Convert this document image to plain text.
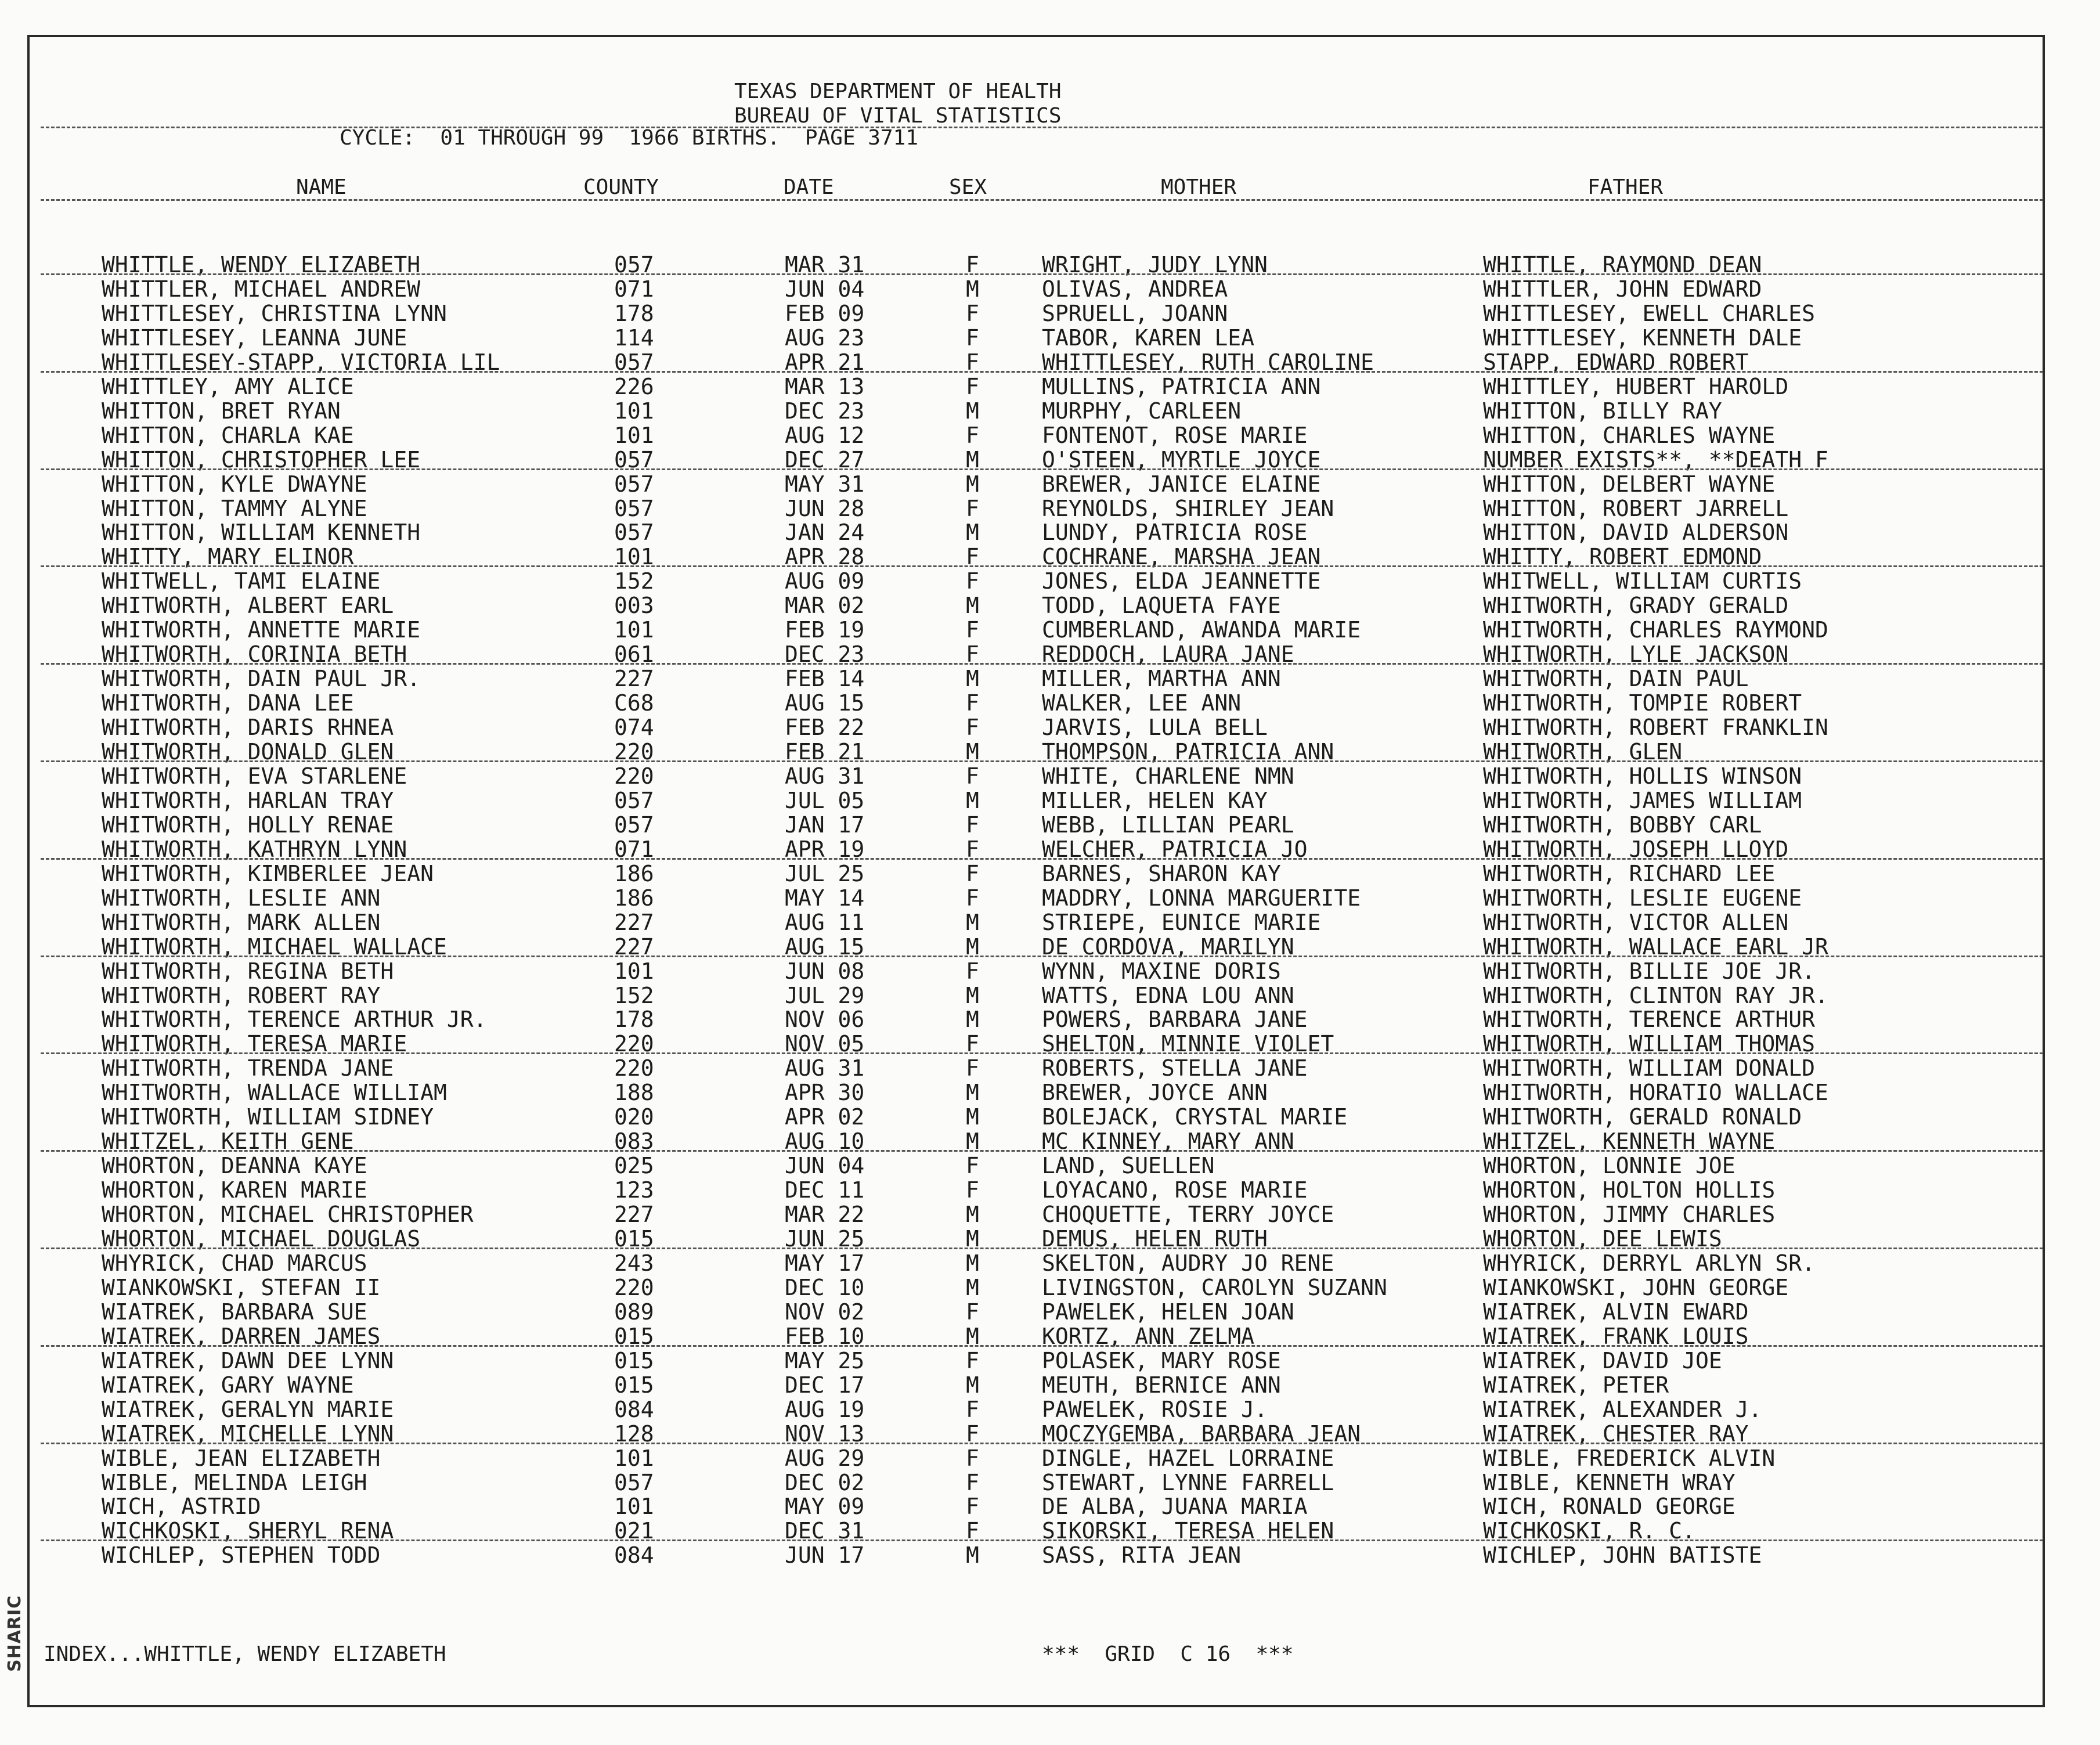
SHARIC
TEXAS DEPARTMENT OF HEALTH
BUREAU OF VITAL STATISTICS
CYCLE:  01 THROUGH 99  1966 BIRTHS.  PAGE 3711
NAME	COUNTY	DATE	SEX	MOTHER	FATHER
WHITTLE, WENDY ELIZABETH	057	MAR 31	F	WRIGHT, JUDY LYNN	WHITTLE, RAYMOND DEAN
WHITTLER, MICHAEL ANDREW	071	JUN 04	M	OLIVAS, ANDREA	WHITTLER, JOHN EDWARD
WHITTLESEY, CHRISTINA LYNN	178	FEB 09	F	SPRUELL, JOANN	WHITTLESEY, EWELL CHARLES
WHITTLESEY, LEANNA JUNE	114	AUG 23	F	TABOR, KAREN LEA	WHITTLESEY, KENNETH DALE
WHITTLESEY-STAPP, VICTORIA LIL	057	APR 21	F	WHITTLESEY, RUTH CAROLINE	STAPP, EDWARD ROBERT
WHITTLEY, AMY ALICE	226	MAR 13	F	MULLINS, PATRICIA ANN	WHITTLEY, HUBERT HAROLD
WHITTON, BRET RYAN	101	DEC 23	M	MURPHY, CARLEEN	WHITTON, BILLY RAY
WHITTON, CHARLA KAE	101	AUG 12	F	FONTENOT, ROSE MARIE	WHITTON, CHARLES WAYNE
WHITTON, CHRISTOPHER LEE	057	DEC 27	M	O'STEEN, MYRTLE JOYCE	NUMBER EXISTS**, **DEATH F
WHITTON, KYLE DWAYNE	057	MAY 31	M	BREWER, JANICE ELAINE	WHITTON, DELBERT WAYNE
WHITTON, TAMMY ALYNE	057	JUN 28	F	REYNOLDS, SHIRLEY JEAN	WHITTON, ROBERT JARRELL
WHITTON, WILLIAM KENNETH	057	JAN 24	M	LUNDY, PATRICIA ROSE	WHITTON, DAVID ALDERSON
WHITTY, MARY ELINOR	101	APR 28	F	COCHRANE, MARSHA JEAN	WHITTY, ROBERT EDMOND
WHITWELL, TAMI ELAINE	152	AUG 09	F	JONES, ELDA JEANNETTE	WHITWELL, WILLIAM CURTIS
WHITWORTH, ALBERT EARL	003	MAR 02	M	TODD, LAQUETA FAYE	WHITWORTH, GRADY GERALD
WHITWORTH, ANNETTE MARIE	101	FEB 19	F	CUMBERLAND, AWANDA MARIE	WHITWORTH, CHARLES RAYMOND
WHITWORTH, CORINIA BETH	061	DEC 23	F	REDDOCH, LAURA JANE	WHITWORTH, LYLE JACKSON
WHITWORTH, DAIN PAUL JR.	227	FEB 14	M	MILLER, MARTHA ANN	WHITWORTH, DAIN PAUL
WHITWORTH, DANA LEE	C68	AUG 15	F	WALKER, LEE ANN	WHITWORTH, TOMPIE ROBERT
WHITWORTH, DARIS RHNEA	074	FEB 22	F	JARVIS, LULA BELL	WHITWORTH, ROBERT FRANKLIN
WHITWORTH, DONALD GLEN	220	FEB 21	M	THOMPSON, PATRICIA ANN	WHITWORTH, GLEN
WHITWORTH, EVA STARLENE	220	AUG 31	F	WHITE, CHARLENE NMN	WHITWORTH, HOLLIS WINSON
WHITWORTH, HARLAN TRAY	057	JUL 05	M	MILLER, HELEN KAY	WHITWORTH, JAMES WILLIAM
WHITWORTH, HOLLY RENAE	057	JAN 17	F	WEBB, LILLIAN PEARL	WHITWORTH, BOBBY CARL
WHITWORTH, KATHRYN LYNN	071	APR 19	F	WELCHER, PATRICIA JO	WHITWORTH, JOSEPH LLOYD
WHITWORTH, KIMBERLEE JEAN	186	JUL 25	F	BARNES, SHARON KAY	WHITWORTH, RICHARD LEE
WHITWORTH, LESLIE ANN	186	MAY 14	F	MADDRY, LONNA MARGUERITE	WHITWORTH, LESLIE EUGENE
WHITWORTH, MARK ALLEN	227	AUG 11	M	STRIEPE, EUNICE MARIE	WHITWORTH, VICTOR ALLEN
WHITWORTH, MICHAEL WALLACE	227	AUG 15	M	DE CORDOVA, MARILYN	WHITWORTH, WALLACE EARL JR
WHITWORTH, REGINA BETH	101	JUN 08	F	WYNN, MAXINE DORIS	WHITWORTH, BILLIE JOE JR.
WHITWORTH, ROBERT RAY	152	JUL 29	M	WATTS, EDNA LOU ANN	WHITWORTH, CLINTON RAY JR.
WHITWORTH, TERENCE ARTHUR JR.	178	NOV 06	M	POWERS, BARBARA JANE	WHITWORTH, TERENCE ARTHUR
WHITWORTH, TERESA MARIE	220	NOV 05	F	SHELTON, MINNIE VIOLET	WHITWORTH, WILLIAM THOMAS
WHITWORTH, TRENDA JANE	220	AUG 31	F	ROBERTS, STELLA JANE	WHITWORTH, WILLIAM DONALD
WHITWORTH, WALLACE WILLIAM	188	APR 30	M	BREWER, JOYCE ANN	WHITWORTH, HORATIO WALLACE
WHITWORTH, WILLIAM SIDNEY	020	APR 02	M	BOLEJACK, CRYSTAL MARIE	WHITWORTH, GERALD RONALD
WHITZEL, KEITH GENE	083	AUG 10	M	MC KINNEY, MARY ANN	WHITZEL, KENNETH WAYNE
WHORTON, DEANNA KAYE	025	JUN 04	F	LAND, SUELLEN	WHORTON, LONNIE JOE
WHORTON, KAREN MARIE	123	DEC 11	F	LOYACANO, ROSE MARIE	WHORTON, HOLTON HOLLIS
WHORTON, MICHAEL CHRISTOPHER	227	MAR 22	M	CHOQUETTE, TERRY JOYCE	WHORTON, JIMMY CHARLES
WHORTON, MICHAEL DOUGLAS	015	JUN 25	M	DEMUS, HELEN RUTH	WHORTON, DEE LEWIS
WHYRICK, CHAD MARCUS	243	MAY 17	M	SKELTON, AUDRY JO RENE	WHYRICK, DERRYL ARLYN SR.
WIANKOWSKI, STEFAN II	220	DEC 10	M	LIVINGSTON, CAROLYN SUZANN	WIANKOWSKI, JOHN GEORGE
WIATREK, BARBARA SUE	089	NOV 02	F	PAWELEK, HELEN JOAN	WIATREK, ALVIN EWARD
WIATREK, DARREN JAMES	015	FEB 10	M	KORTZ, ANN ZELMA	WIATREK, FRANK LOUIS
WIATREK, DAWN DEE LYNN	015	MAY 25	F	POLASEK, MARY ROSE	WIATREK, DAVID JOE
WIATREK, GARY WAYNE	015	DEC 17	M	MEUTH, BERNICE ANN	WIATREK, PETER
WIATREK, GERALYN MARIE	084	AUG 19	F	PAWELEK, ROSIE J.	WIATREK, ALEXANDER J.
WIATREK, MICHELLE LYNN	128	NOV 13	F	MOCZYGEMBA, BARBARA JEAN	WIATREK, CHESTER RAY
WIBLE, JEAN ELIZABETH	101	AUG 29	F	DINGLE, HAZEL LORRAINE	WIBLE, FREDERICK ALVIN
WIBLE, MELINDA LEIGH	057	DEC 02	F	STEWART, LYNNE FARRELL	WIBLE, KENNETH WRAY
WICH, ASTRID	101	MAY 09	F	DE ALBA, JUANA MARIA	WICH, RONALD GEORGE
WICHKOSKI, SHERYL RENA	021	DEC 31	F	SIKORSKI, TERESA HELEN	WICHKOSKI, R. C.
WICHLEP, STEPHEN TODD	084	JUN 17	M	SASS, RITA JEAN	WICHLEP, JOHN BATISTE
INDEX...WHITTLE, WENDY ELIZABETH	***  GRID  C 16  ***
